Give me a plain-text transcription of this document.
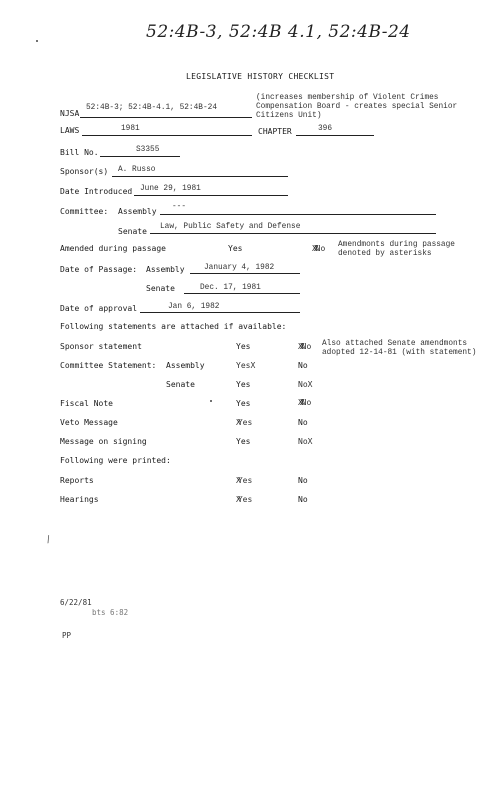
52:4B-3, 52:4B 4.1, 52:4B-24
LEGISLATIVE HISTORY CHECKLIST
NJSA
52:4B-3; 52:4B-4.1, 52:4B-24
(increases membership of Violent Crimes
Compensation Board - creates special Senior
Citizens Unit)
LAWS	1981	CHAPTER	396
Bill No.	S3355
Sponsor(s) A. Russo
Date Introduced June 29, 1981
Committee: Assembly ---
Senate Law, Public Safety and Defense
Amended during passage	Yes	XXNo Amendmonts during passage
denoted by asterisks
Date of Passage: Assembly January 4, 1982
Senate	Dec. 17, 1981
Date of approval	Jan 6, 1982
Following statements are attached if available:
Sponsor statement	Yes	XXNo Also attached Senate amendmonts
adopted 12-14-81 (with statement)
Committee Statement: Assembly	YesX	No
Senate	Yes	NoX
Fiscal Note	Yes	XXNo
Veto Message	XYes	No
Message on signing	Yes	NoX
Following were printed:
Reports	XYes	No
Hearings	XYes	No
/
6/22/81
bts 6:82
PP
